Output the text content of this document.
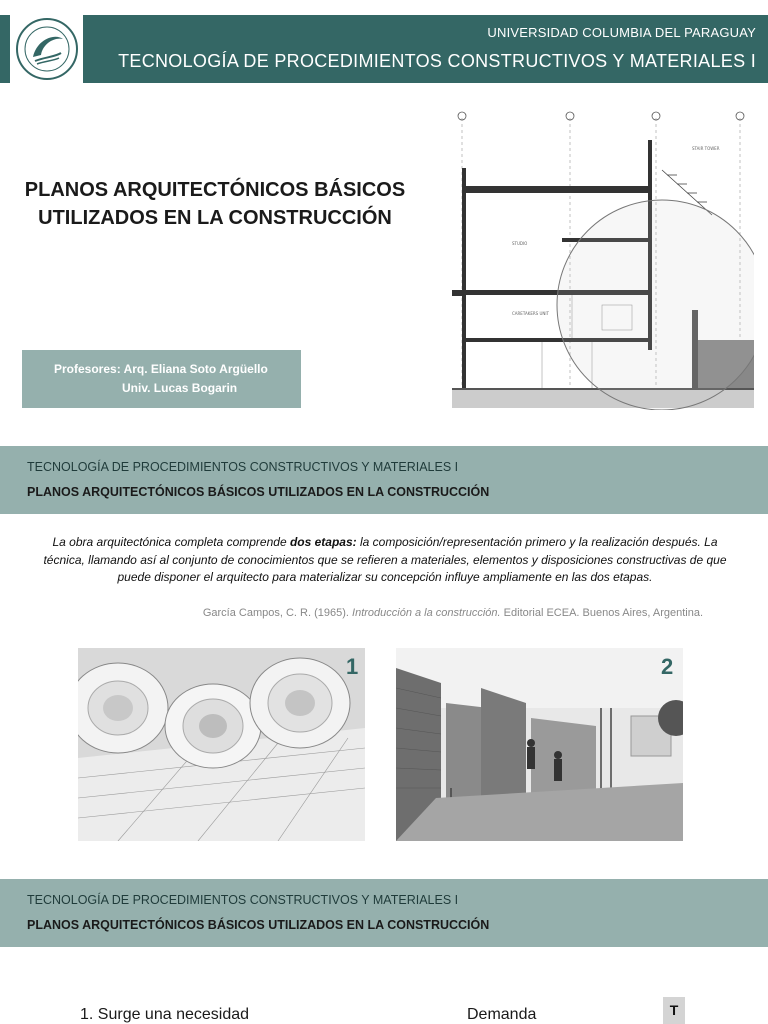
UNIVERSIDAD COLUMBIA DEL PARAGUAY
TECNOLOGÍA DE PROCEDIMIENTOS CONSTRUCTIVOS Y MATERIALES I
PLANOS ARQUITECTÓNICOS BÁSICOS
UTILIZADOS EN LA CONSTRUCCIÓN
Profesores: Arq. Eliana Soto Argüello
Univ. Lucas Bogarin
STUDIO
CARETAKERS UNIT
STAIR TOWER
TECNOLOGÍA DE PROCEDIMIENTOS CONSTRUCTIVOS Y MATERIALES I
PLANOS ARQUITECTÓNICOS BÁSICOS UTILIZADOS EN LA CONSTRUCCIÓN
La obra arquitectónica completa comprende dos etapas: la composición/representación primero y la realización después. La técnica, llamando así al conjunto de conocimientos que se refieren a materiales, elementos y disposiciones constructivas de que puede disponer el arquitecto para materializar su concepción influye ampliamente en las dos etapas.
García Campos, C. R. (1965). Introducción a la construcción. Editorial ECEA. Buenos Aires, Argentina.
1	2
TECNOLOGÍA DE PROCEDIMIENTOS CONSTRUCTIVOS Y MATERIALES I
PLANOS ARQUITECTÓNICOS BÁSICOS UTILIZADOS EN LA CONSTRUCCIÓN
1. Surge una necesidad	Demanda	T
